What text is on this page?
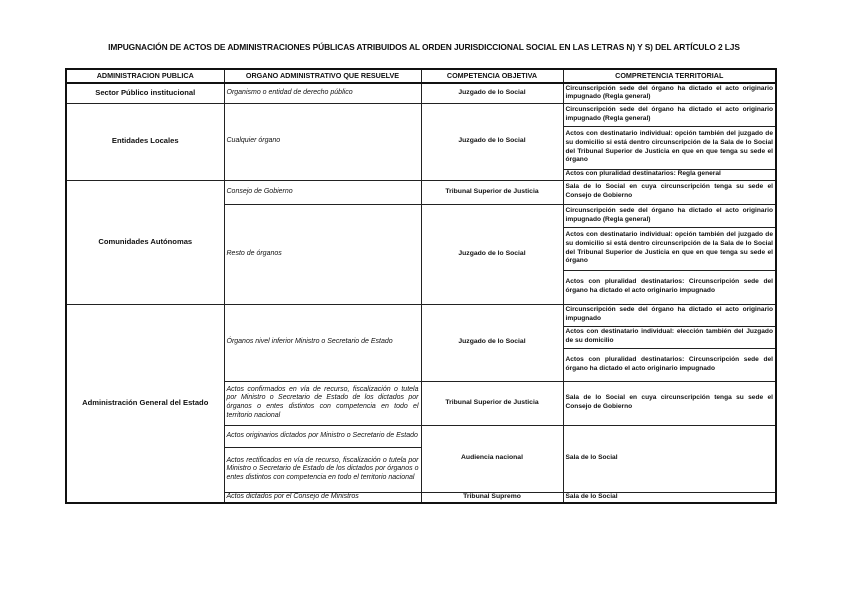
IMPUGNACIÓN DE ACTOS DE ADMINISTRACIONES PÚBLICAS ATRIBUIDOS AL ORDEN JURISDICCIONAL SOCIAL EN LAS LETRAS N) Y S) DEL ARTÍCULO 2 LJS
ADMINISTRACION PUBLICA	ORGANO ADMINISTRATIVO QUE RESUELVE	COMPETENCIA OBJETIVA	COMPRETENCIA TERRITORIAL
Sector Público institucional	Organismo o entidad de derecho público	Juzgado de lo Social	Circunscripción sede del órgano ha dictado el acto originario impugnado (Regla general)
Entidades Locales	Cualquier órgano	Juzgado de lo Social	Circunscripción sede del órgano ha dictado el acto originario impugnado (Regla general)
			Actos con destinatario individual: opción también del juzgado de su domicilio si está dentro circunscripción de la Sala de lo Social del Tribunal Superior de Justicia en que en que tenga su sede el órgano
			Actos con pluralidad destinatarios: Regla general
Comunidades Autónomas	Consejo de Gobierno	Tribunal Superior de Justicia	Sala de lo Social en cuya circunscripción tenga su sede el Consejo de Gobierno
	Resto de órganos	Juzgado de lo Social	Circunscripción sede del órgano ha dictado el acto originario impugnado (Regla general)
			Actos con destinatario individual: opción también del juzgado de su domicilio si está dentro circunscripción de la Sala de lo Social del Tribunal Superior de Justicia en que en que tenga su sede el órgano
			Actos con pluralidad destinatarios: Circunscripción sede del órgano ha dictado el acto originario impugnado
Administración General del Estado	Órganos nivel inferior Ministro o Secretario de Estado	Juzgado de lo Social	Circunscripción sede del órgano ha dictado el acto originario impugnado
			Actos con destinatario individual: elección también del Juzgado de su domicilio
			Actos con pluralidad destinatarios: Circunscripción sede del órgano ha dictado el acto originario impugnado
	Actos confirmados en vía de recurso, fiscalización o tutela por Ministro o Secretario de Estado de los dictados por órganos o entes distintos con competencia en todo el territorio nacional	Tribunal Superior de Justicia	Sala de lo Social en cuya circunscripción tenga su sede el Consejo de Gobierno
	Actos originarios dictados por Ministro o Secretario de Estado	Audiencia nacional	Sala de lo Social
	Actos rectificados en vía de recurso, fiscalización o tutela por Ministro o Secretario de Estado de los dictados por órganos o entes distintos con competencia en todo el territorio nacional		
	Actos dictados por el Consejo de Ministros	Tribunal Supremo	Sala de lo Social
